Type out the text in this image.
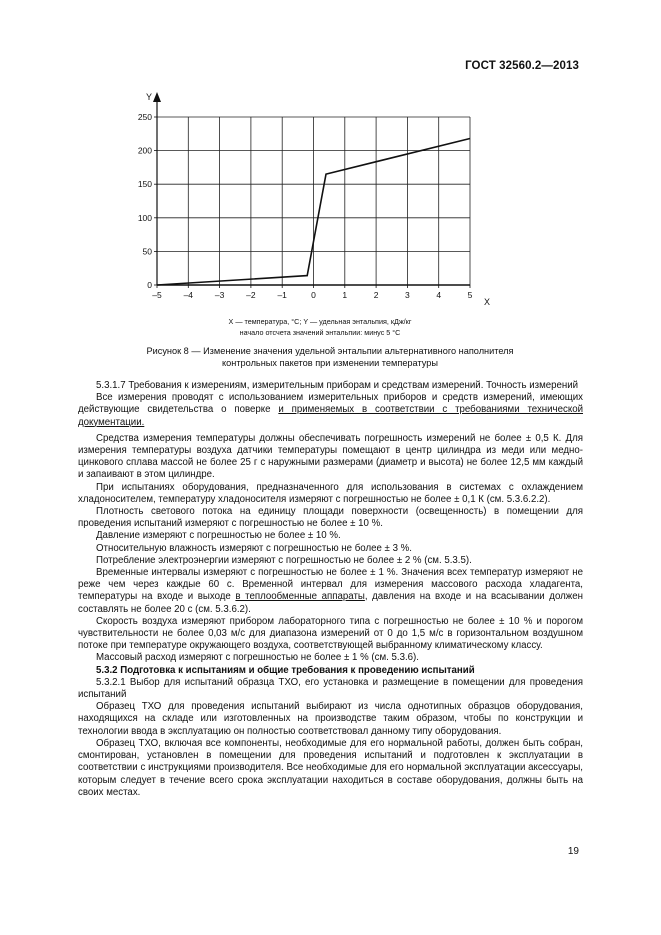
ГОСТ 32560.2—2013
–5	–4	–3	–2	–1	0	1	2	3	4	5
0
50
100
150
200
250
Y
X
X — температура, °С; Y — удельная энтальпия, кДж/кг
начало отсчета значений энтальпии: минус 5 °С
Рисунок 8 — Изменение значения удельной энтальпии альтернативного наполнителя
контрольных пакетов при изменении температуры

5.3.1.7 Требования к измерениям, измерительным приборам и средствам измерений. Точность измерений

Все измерения проводят с использованием измерительных приборов и средств измерений, имеющих действующие свидетельства о поверке и применяемых в соответствии с требованиями технической документации.

Средства измерения температуры должны обеспечивать погрешность измерений не более ± 0,5 К. Для измерения температуры воздуха датчики температуры помещают в центр цилиндра из меди или медно-цинкового сплава массой не более 25 г с наружными размерами (диаметр и высота) не более 12,5 мм каждый и запаивают в этом цилиндре.

При испытаниях оборудования, предназначенного для использования в системах с охлаждением хладоносителем, температуру хладоносителя измеряют с погрешностью не более ± 0,1 К (см. 5.3.6.2.2).

Плотность светового потока на единицу площади поверхности (освещенность) в помещении для проведения испытаний измеряют с погрешностью не более ± 10 %.

Давление измеряют с погрешностью не более ± 10 %.

Относительную влажность измеряют с погрешностью не более ± 3 %.

Потребление электроэнергии измеряют с погрешностью не более ± 2 % (см. 5.3.5).

Временные интервалы измеряют с погрешностью не более ± 1 %. Значения всех температур измеряют не реже чем через каждые 60 с. Временной интервал для измерения массового расхода хладагента, температуры на входе и выходе в теплообменные аппараты, давления на входе и на всасывании должен составлять не более 20 с (см. 5.3.6.2).

Скорость воздуха измеряют прибором лабораторного типа с погрешностью не более ± 10 % и порогом чувствительности не более 0,03 м/с для диапазона измерений от 0 до 1,5 м/с в горизонтальном воздушном потоке при температуре окружающего воздуха, соответствующей выбранному климатическому классу.

Массовый расход измеряют с погрешностью не более ± 1 % (см. 5.3.6).

5.3.2 Подготовка к испытаниям и общие требования к проведению испытаний

5.3.2.1 Выбор для испытаний образца ТХО, его установка и размещение в помещении для проведения испытаний

Образец ТХО для проведения испытаний выбирают из числа однотипных образцов оборудования, находящихся на складе или изготовленных на производстве таким образом, чтобы по конструкции и технологии ввода в эксплуатацию он полностью соответствовал данному типу оборудования.

Образец ТХО, включая все компоненты, необходимые для его нормальной работы, должен быть собран, смонтирован, установлен в помещении для проведения испытаний и подготовлен к эксплуатации в соответствии с инструкциями производителя. Все необходимые для его нормальной эксплуатации аксессуары, которым следует в течение всего срока эксплуатации находиться в составе оборудования, должны быть на своих местах.

19
